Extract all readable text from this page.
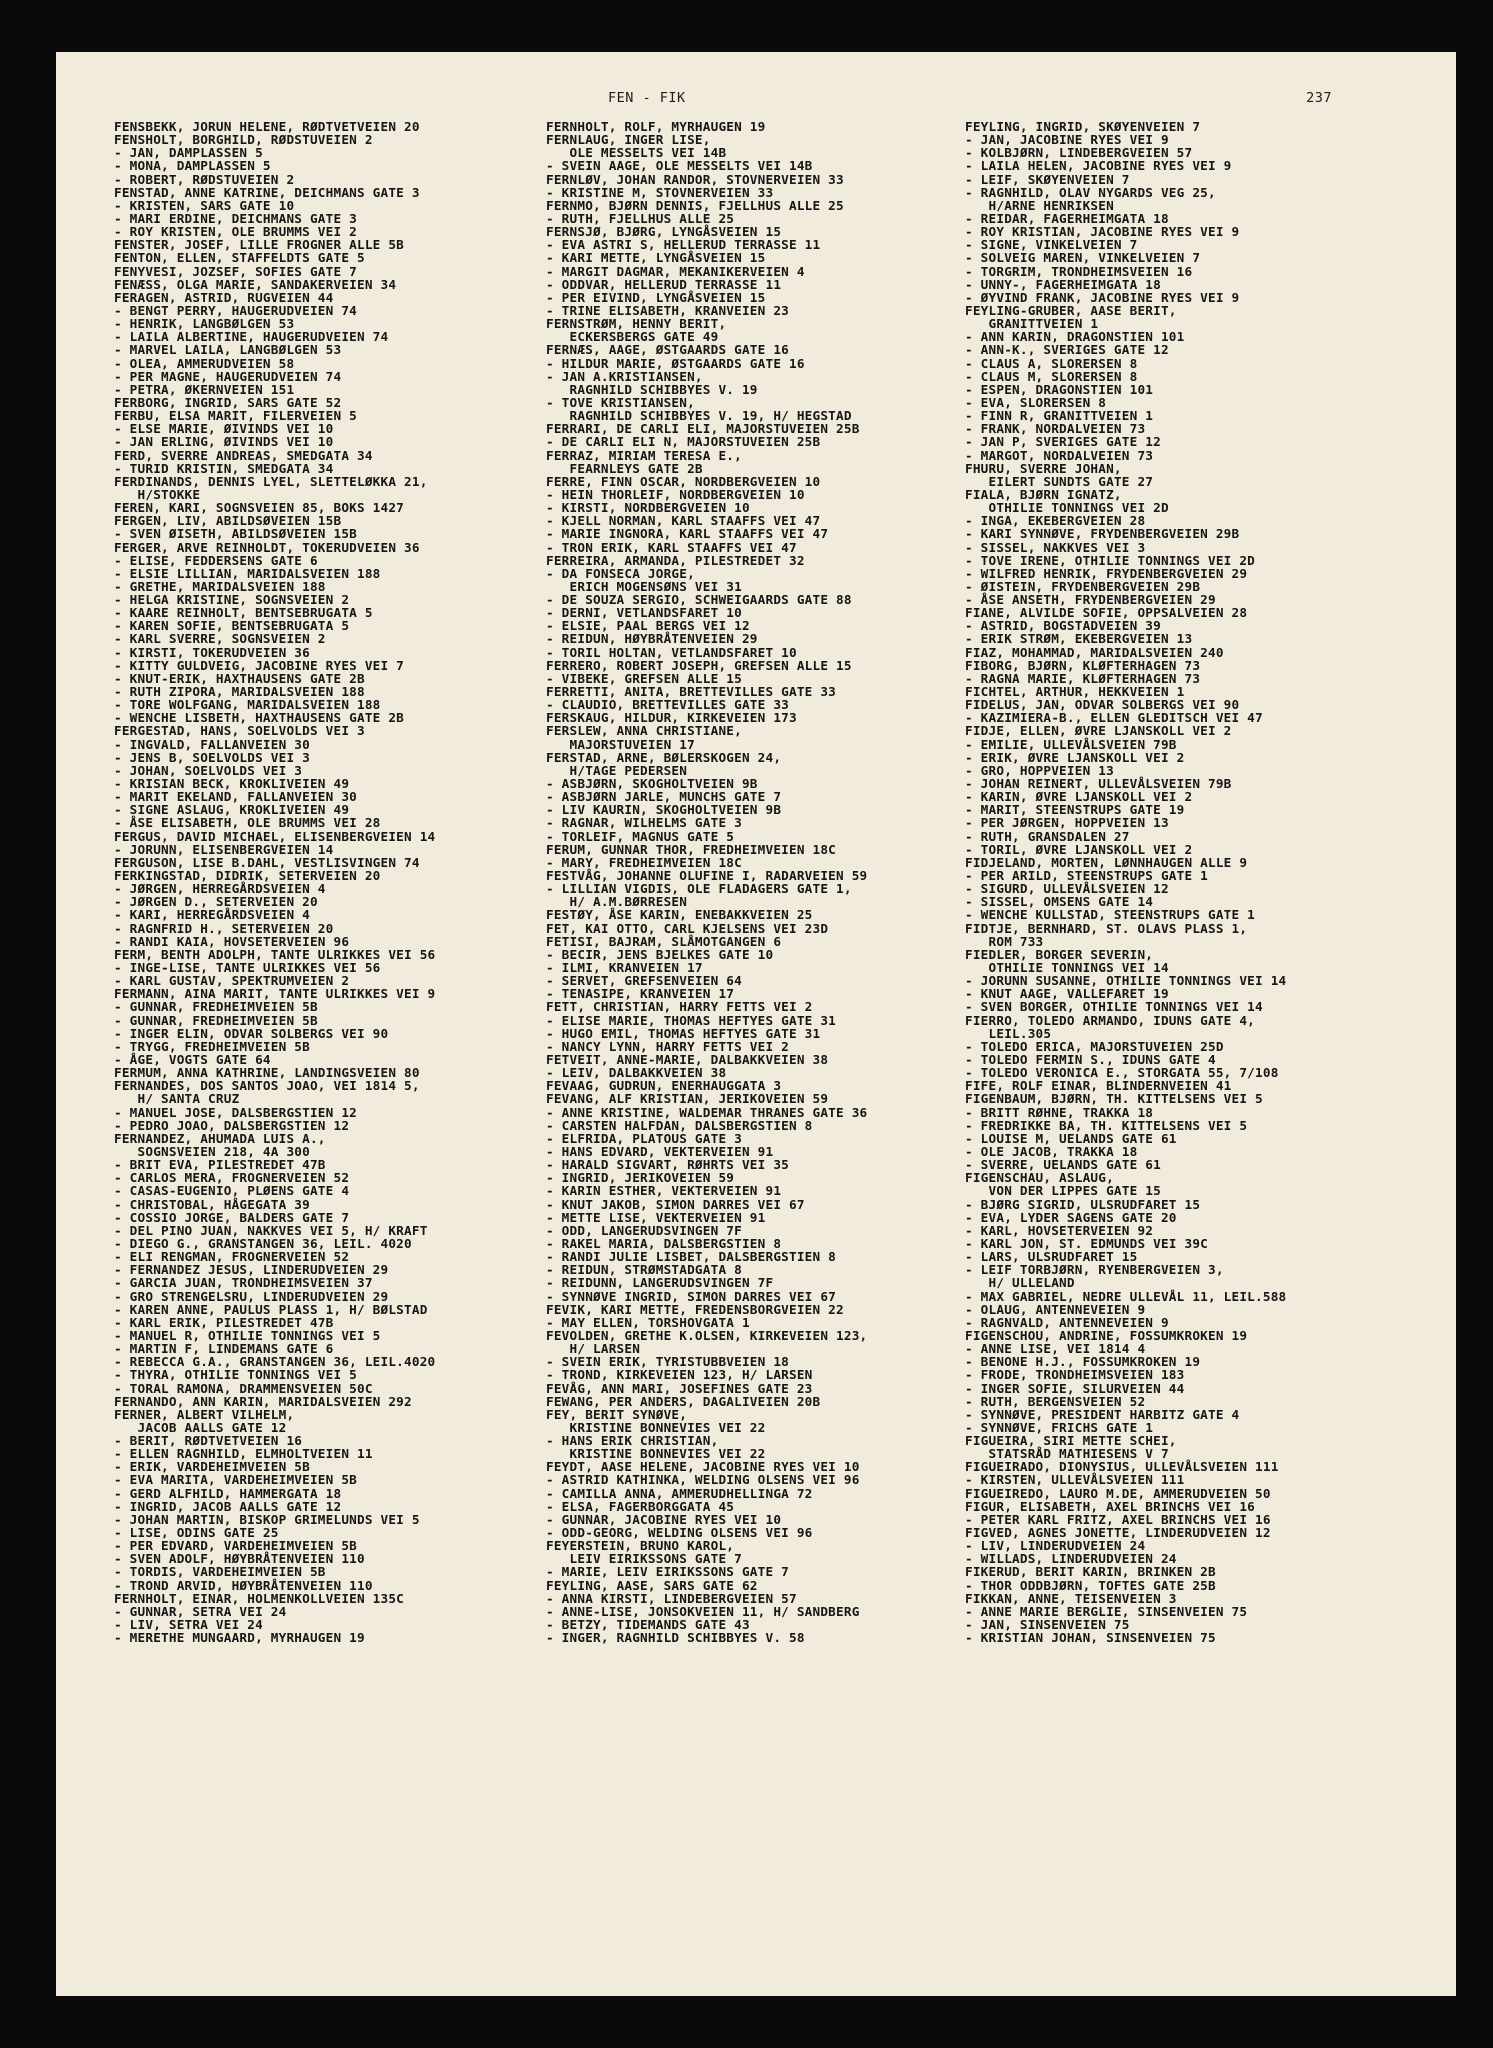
FEN - FIK	237
FENSBEKK, JORUN HELENE, RØDTVETVEIEN 20
FENSHOLT, BORGHILD, RØDSTUVEIEN 2
- JAN, DAMPLASSEN 5
- MONA, DAMPLASSEN 5
- ROBERT, RØDSTUVEIEN 2
FENSTAD, ANNE KATRINE, DEICHMANS GATE 3
- KRISTEN, SARS GATE 10
- MARI ERDINE, DEICHMANS GATE 3
- ROY KRISTEN, OLE BRUMMS VEI 2
FENSTER, JOSEF, LILLE FROGNER ALLE 5B
FENTON, ELLEN, STAFFELDTS GATE 5
FENYVESI, JOZSEF, SOFIES GATE 7
FENÆSS, OLGA MARIE, SANDAKERVEIEN 34
FERAGEN, ASTRID, RUGVEIEN 44
- BENGT PERRY, HAUGERUDVEIEN 74
- HENRIK, LANGBØLGEN 53
- LAILA ALBERTINE, HAUGERUDVEIEN 74
- MARVEL LAILA, LANGBØLGEN 53
- OLEA, AMMERUDVEIEN 58
- PER MAGNE, HAUGERUDVEIEN 74
- PETRA, ØKERNVEIEN 151
FERBORG, INGRID, SARS GATE 52
FERBU, ELSA MARIT, FILERVEIEN 5
- ELSE MARIE, ØIVINDS VEI 10
- JAN ERLING, ØIVINDS VEI 10
FERD, SVERRE ANDREAS, SMEDGATA 34
- TURID KRISTIN, SMEDGATA 34
FERDINANDS, DENNIS LYEL, SLETTELØKKA 21,
H/STOKKE
FEREN, KARI, SOGNSVEIEN 85, BOKS 1427
FERGEN, LIV, ABILDSØVEIEN 15B
- SVEN ØISETH, ABILDSØVEIEN 15B
FERGER, ARVE REINHOLDT, TOKERUDVEIEN 36
- ELISE, FEDDERSENS GATE 6
- ELSIE LILLIAN, MARIDALSVEIEN 188
- GRETHE, MARIDALSVEIEN 188
- HELGA KRISTINE, SOGNSVEIEN 2
- KAARE REINHOLT, BENTSEBRUGATA 5
- KAREN SOFIE, BENTSEBRUGATA 5
- KARL SVERRE, SOGNSVEIEN 2
- KIRSTI, TOKERUDVEIEN 36
- KITTY GULDVEIG, JACOBINE RYES VEI 7
- KNUT-ERIK, HAXTHAUSENS GATE 2B
- RUTH ZIPORA, MARIDALSVEIEN 188
- TORE WOLFGANG, MARIDALSVEIEN 188
- WENCHE LISBETH, HAXTHAUSENS GATE 2B
FERGESTAD, HANS, SOELVOLDS VEI 3
- INGVALD, FALLANVEIEN 30
- JENS B, SOELVOLDS VEI 3
- JOHAN, SOELVOLDS VEI 3
- KRISIAN BECK, KROKLIVEIEN 49
- MARIT EKELAND, FALLANVEIEN 30
- SIGNE ASLAUG, KROKLIVEIEN 49
- ÅSE ELISABETH, OLE BRUMMS VEI 28
FERGUS, DAVID MICHAEL, ELISENBERGVEIEN 14
- JORUNN, ELISENBERGVEIEN 14
FERGUSON, LISE B.DAHL, VESTLISVINGEN 74
FERKINGSTAD, DIDRIK, SETERVEIEN 20
- JØRGEN, HERREGÅRDSVEIEN 4
- JØRGEN D., SETERVEIEN 20
- KARI, HERREGÅRDSVEIEN 4
- RAGNFRID H., SETERVEIEN 20
- RANDI KAIA, HOVSETERVEIEN 96
FERM, BENTH ADOLPH, TANTE ULRIKKES VEI 56
- INGE-LISE, TANTE ULRIKKES VEI 56
- KARL GUSTAV, SPEKTRUMVEIEN 2
FERMANN, AINA MARIT, TANTE ULRIKKES VEI 9
- GUNNAR, FREDHEIMVEIEN 5B
- GUNNAR, FREDHEIMVEIEN 5B
- INGER ELIN, ODVAR SOLBERGS VEI 90
- TRYGG, FREDHEIMVEIEN 5B
- ÅGE, VOGTS GATE 64
FERMUM, ANNA KATHRINE, LANDINGSVEIEN 80
FERNANDES, DOS SANTOS JOAO, VEI 1814 5,
H/ SANTA CRUZ
- MANUEL JOSE, DALSBERGSTIEN 12
- PEDRO JOAO, DALSBERGSTIEN 12
FERNANDEZ, AHUMADA LUIS A.,
SOGNSVEIEN 218, 4A 300
- BRIT EVA, PILESTREDET 47B
- CARLOS MERA, FROGNERVEIEN 52
- CASAS-EUGENIO, PLØENS GATE 4
- CHRISTOBAL, HÅGEGATA 39
- COSSIO JORGE, BALDERS GATE 7
- DEL PINO JUAN, NAKKVES VEI 5, H/ KRAFT
- DIEGO G., GRANSTANGEN 36, LEIL. 4020
- ELI RENGMAN, FROGNERVEIEN 52
- FERNANDEZ JESUS, LINDERUDVEIEN 29
- GARCIA JUAN, TRONDHEIMSVEIEN 37
- GRO STRENGELSRU, LINDERUDVEIEN 29
- KAREN ANNE, PAULUS PLASS 1, H/ BØLSTAD
- KARL ERIK, PILESTREDET 47B
- MANUEL R, OTHILIE TONNINGS VEI 5
- MARTIN F, LINDEMANS GATE 6
- REBECCA G.A., GRANSTANGEN 36, LEIL.4020
- THYRA, OTHILIE TONNINGS VEI 5
- TORAL RAMONA, DRAMMENSVEIEN 50C
FERNANDO, ANN KARIN, MARIDALSVEIEN 292
FERNER, ALBERT VILHELM,
JACOB AALLS GATE 12
- BERIT, RØDTVETVEIEN 16
- ELLEN RAGNHILD, ELMHOLTVEIEN 11
- ERIK, VARDEHEIMVEIEN 5B
- EVA MARITA, VARDEHEIMVEIEN 5B
- GERD ALFHILD, HAMMERGATA 18
- INGRID, JACOB AALLS GATE 12
- JOHAN MARTIN, BISKOP GRIMELUNDS VEI 5
- LISE, ODINS GATE 25
- PER EDVARD, VARDEHEIMVEIEN 5B
- SVEN ADOLF, HØYBRÅTENVEIEN 110
- TORDIS, VARDEHEIMVEIEN 5B
- TROND ARVID, HØYBRÅTENVEIEN 110
FERNHOLT, EINAR, HOLMENKOLLVEIEN 135C
- GUNNAR, SETRA VEI 24
- LIV, SETRA VEI 24
- MERETHE MUNGAARD, MYRHAUGEN 19
FERNHOLT, ROLF, MYRHAUGEN 19
FERNLAUG, INGER LISE,
OLE MESSELTS VEI 14B
- SVEIN AAGE, OLE MESSELTS VEI 14B
FERNLØV, JOHAN RANDOR, STOVNERVEIEN 33
- KRISTINE M, STOVNERVEIEN 33
FERNMO, BJØRN DENNIS, FJELLHUS ALLE 25
- RUTH, FJELLHUS ALLE 25
FERNSJØ, BJØRG, LYNGÅSVEIEN 15
- EVA ASTRI S, HELLERUD TERRASSE 11
- KARI METTE, LYNGÅSVEIEN 15
- MARGIT DAGMAR, MEKANIKERVEIEN 4
- ODDVAR, HELLERUD TERRASSE 11
- PER EIVIND, LYNGÅSVEIEN 15
- TRINE ELISABETH, KRANVEIEN 23
FERNSTRØM, HENNY BERIT,
ECKERSBERGS GATE 49
FERNÆS, AAGE, ØSTGAARDS GATE 16
- HILDUR MARIE, ØSTGAARDS GATE 16
- JAN A.KRISTIANSEN,
RAGNHILD SCHIBBYES V. 19
- TOVE KRISTIANSEN,
RAGNHILD SCHIBBYES V. 19, H/ HEGSTAD
FERRARI, DE CARLI ELI, MAJORSTUVEIEN 25B
- DE CARLI ELI N, MAJORSTUVEIEN 25B
FERRAZ, MIRIAM TERESA E.,
FEARNLEYS GATE 2B
FERRE, FINN OSCAR, NORDBERGVEIEN 10
- HEIN THORLEIF, NORDBERGVEIEN 10
- KIRSTI, NORDBERGVEIEN 10
- KJELL NORMAN, KARL STAAFFS VEI 47
- MARIE INGNORA, KARL STAAFFS VEI 47
- TRON ERIK, KARL STAAFFS VEI 47
FERREIRA, ARMANDA, PILESTREDET 32
- DA FONSECA JORGE,
ERICH MOGENSØNS VEI 31
- DE SOUZA SERGIO, SCHWEIGAARDS GATE 88
- DERNI, VETLANDSFARET 10
- ELSIE, PAAL BERGS VEI 12
- REIDUN, HØYBRÅTENVEIEN 29
- TORIL HOLTAN, VETLANDSFARET 10
FERRERO, ROBERT JOSEPH, GREFSEN ALLE 15
- VIBEKE, GREFSEN ALLE 15
FERRETTI, ANITA, BRETTEVILLES GATE 33
- CLAUDIO, BRETTEVILLES GATE 33
FERSKAUG, HILDUR, KIRKEVEIEN 173
FERSLEW, ANNA CHRISTIANE,
MAJORSTUVEIEN 17
FERSTAD, ARNE, BØLERSKOGEN 24,
H/TAGE PEDERSEN
- ASBJØRN, SKOGHOLTVEIEN 9B
- ASBJØRN JARLE, MUNCHS GATE 7
- LIV KAURIN, SKOGHOLTVEIEN 9B
- RAGNAR, WILHELMS GATE 3
- TORLEIF, MAGNUS GATE 5
FERUM, GUNNAR THOR, FREDHEIMVEIEN 18C
- MARY, FREDHEIMVEIEN 18C
FESTVÅG, JOHANNE OLUFINE I, RADARVEIEN 59
- LILLIAN VIGDIS, OLE FLADAGERS GATE 1,
H/ A.M.BØRRESEN
FESTØY, ÅSE KARIN, ENEBAKKVEIEN 25
FET, KAI OTTO, CARL KJELSENS VEI 23D
FETISI, BAJRAM, SLÅMOTGANGEN 6
- BECIR, JENS BJELKES GATE 10
- ILMI, KRANVEIEN 17
- SERVET, GREFSENVEIEN 64
- TENASIPE, KRANVEIEN 17
FETT, CHRISTIAN, HARRY FETTS VEI 2
- ELISE MARIE, THOMAS HEFTYES GATE 31
- HUGO EMIL, THOMAS HEFTYES GATE 31
- NANCY LYNN, HARRY FETTS VEI 2
FETVEIT, ANNE-MARIE, DALBAKKVEIEN 38
- LEIV, DALBAKKVEIEN 38
FEVAAG, GUDRUN, ENERHAUGGATA 3
FEVANG, ALF KRISTIAN, JERIKOVEIEN 59
- ANNE KRISTINE, WALDEMAR THRANES GATE 36
- CARSTEN HALFDAN, DALSBERGSTIEN 8
- ELFRIDA, PLATOUS GATE 3
- HANS EDVARD, VEKTERVEIEN 91
- HARALD SIGVART, RØHRTS VEI 35
- INGRID, JERIKOVEIEN 59
- KARIN ESTHER, VEKTERVEIEN 91
- KNUT JAKOB, SIMON DARRES VEI 67
- METTE LISE, VEKTERVEIEN 91
- ODD, LANGERUDSVINGEN 7F
- RAKEL MARIA, DALSBERGSTIEN 8
- RANDI JULIE LISBET, DALSBERGSTIEN 8
- REIDUN, STRØMSTADGATA 8
- REIDUNN, LANGERUDSVINGEN 7F
- SYNNØVE INGRID, SIMON DARRES VEI 67
FEVIK, KARI METTE, FREDENSBORGVEIEN 22
- MAY ELLEN, TORSHOVGATA 1
FEVOLDEN, GRETHE K.OLSEN, KIRKEVEIEN 123,
H/ LARSEN
- SVEIN ERIK, TYRISTUBBVEIEN 18
- TROND, KIRKEVEIEN 123, H/ LARSEN
FEVÅG, ANN MARI, JOSEFINES GATE 23
FEWANG, PER ANDERS, DAGALIVEIEN 20B
FEY, BERIT SYNØVE,
KRISTINE BONNEVIES VEI 22
- HANS ERIK CHRISTIAN,
KRISTINE BONNEVIES VEI 22
FEYDT, AASE HELENE, JACOBINE RYES VEI 10
- ASTRID KATHINKA, WELDING OLSENS VEI 96
- CAMILLA ANNA, AMMERUDHELLINGA 72
- ELSA, FAGERBORGGATA 45
- GUNNAR, JACOBINE RYES VEI 10
- ODD-GEORG, WELDING OLSENS VEI 96
FEYERSTEIN, BRUNO KAROL,
LEIV EIRIKSSONS GATE 7
- MARIE, LEIV EIRIKSSONS GATE 7
FEYLING, AASE, SARS GATE 62
- ANNA KIRSTI, LINDEBERGVEIEN 57
- ANNE-LISE, JONSOKVEIEN 11, H/ SANDBERG
- BETZY, TIDEMANDS GATE 43
- INGER, RAGNHILD SCHIBBYES V. 58
FEYLING, INGRID, SKØYENVEIEN 7
- JAN, JACOBINE RYES VEI 9
- KOLBJØRN, LINDEBERGVEIEN 57
- LAILA HELEN, JACOBINE RYES VEI 9
- LEIF, SKØYENVEIEN 7
- RAGNHILD, OLAV NYGARDS VEG 25,
H/ARNE HENRIKSEN
- REIDAR, FAGERHEIMGATA 18
- ROY KRISTIAN, JACOBINE RYES VEI 9
- SIGNE, VINKELVEIEN 7
- SOLVEIG MAREN, VINKELVEIEN 7
- TORGRIM, TRONDHEIMSVEIEN 16
- UNNY-, FAGERHEIMGATA 18
- ØYVIND FRANK, JACOBINE RYES VEI 9
FEYLING-GRUBER, AASE BERIT,
GRANITTVEIEN 1
- ANN KARIN, DRAGONSTIEN 101
- ANN-K., SVERIGES GATE 12
- CLAUS A, SLORERSEN 8
- CLAUS M, SLORERSEN 8
- ESPEN, DRAGONSTIEN 101
- EVA, SLORERSEN 8
- FINN R, GRANITTVEIEN 1
- FRANK, NORDALVEIEN 73
- JAN P, SVERIGES GATE 12
- MARGOT, NORDALVEIEN 73
FHURU, SVERRE JOHAN,
EILERT SUNDTS GATE 27
FIALA, BJØRN IGNATZ,
OTHILIE TONNINGS VEI 2D
- INGA, EKEBERGVEIEN 28
- KARI SYNNØVE, FRYDENBERGVEIEN 29B
- SISSEL, NAKKVES VEI 3
- TOVE IRENE, OTHILIE TONNINGS VEI 2D
- WILFRED HENRIK, FRYDENBERGVEIEN 29
- ØISTEIN, FRYDENBERGVEIEN 29B
- ÅSE ANSETH, FRYDENBERGVEIEN 29
FIANE, ALVILDE SOFIE, OPPSALVEIEN 28
- ASTRID, BOGSTADVEIEN 39
- ERIK STRØM, EKEBERGVEIEN 13
FIAZ, MOHAMMAD, MARIDALSVEIEN 240
FIBORG, BJØRN, KLØFTERHAGEN 73
- RAGNA MARIE, KLØFTERHAGEN 73
FICHTEL, ARTHUR, HEKKVEIEN 1
FIDELUS, JAN, ODVAR SOLBERGS VEI 90
- KAZIMIERA-B., ELLEN GLEDITSCH VEI 47
FIDJE, ELLEN, ØVRE LJANSKOLL VEI 2
- EMILIE, ULLEVÅLSVEIEN 79B
- ERIK, ØVRE LJANSKOLL VEI 2
- GRO, HOPPVEIEN 13
- JOHAN REINERT, ULLEVÅLSVEIEN 79B
- KARIN, ØVRE LJANSKOLL VEI 2
- MARIT, STEENSTRUPS GATE 19
- PER JØRGEN, HOPPVEIEN 13
- RUTH, GRANSDALEN 27
- TORIL, ØVRE LJANSKOLL VEI 2
FIDJELAND, MORTEN, LØNNHAUGEN ALLE 9
- PER ARILD, STEENSTRUPS GATE 1
- SIGURD, ULLEVÅLSVEIEN 12
- SISSEL, OMSENS GATE 14
- WENCHE KULLSTAD, STEENSTRUPS GATE 1
FIDTJE, BERNHARD, ST. OLAVS PLASS 1,
ROM 733
FIEDLER, BORGER SEVERIN,
OTHILIE TONNINGS VEI 14
- JORUNN SUSANNE, OTHILIE TONNINGS VEI 14
- KNUT AAGE, VALLEFARET 19
- SVEN BORGER, OTHILIE TONNINGS VEI 14
FIERRO, TOLEDO ARMANDO, IDUNS GATE 4,
LEIL.305
- TOLEDO ERICA, MAJORSTUVEIEN 25D
- TOLEDO FERMIN S., IDUNS GATE 4
- TOLEDO VERONICA E., STORGATA 55, 7/108
FIFE, ROLF EINAR, BLINDERNVEIEN 41
FIGENBAUM, BJØRN, TH. KITTELSENS VEI 5
- BRITT RØHNE, TRAKKA 18
- FREDRIKKE BA, TH. KITTELSENS VEI 5
- LOUISE M, UELANDS GATE 61
- OLE JACOB, TRAKKA 18
- SVERRE, UELANDS GATE 61
FIGENSCHAU, ASLAUG,
VON DER LIPPES GATE 15
- BJØRG SIGRID, ULSRUDFARET 15
- EVA, LYDER SAGENS GATE 20
- KARL, HOVSETERVEIEN 92
- KARL JON, ST. EDMUNDS VEI 39C
- LARS, ULSRUDFARET 15
- LEIF TORBJØRN, RYENBERGVEIEN 3,
H/ ULLELAND
- MAX GABRIEL, NEDRE ULLEVÅL 11, LEIL.588
- OLAUG, ANTENNEVEIEN 9
- RAGNVALD, ANTENNEVEIEN 9
FIGENSCHOU, ANDRINE, FOSSUMKROKEN 19
- ANNE LISE, VEI 1814 4
- BENONE H.J., FOSSUMKROKEN 19
- FRODE, TRONDHEIMSVEIEN 183
- INGER SOFIE, SILURVEIEN 44
- RUTH, BERGENSVEIEN 52
- SYNNØVE, PRESIDENT HARBITZ GATE 4
- SYNNØVE, FRICHS GATE 1
FIGUEIRA, SIRI METTE SCHEI,
STATSRÅD MATHIESENS V 7
FIGUEIRADO, DIONYSIUS, ULLEVÅLSVEIEN 111
- KIRSTEN, ULLEVÅLSVEIEN 111
FIGUEIREDO, LAURO M.DE, AMMERUDVEIEN 50
FIGUR, ELISABETH, AXEL BRINCHS VEI 16
- PETER KARL FRITZ, AXEL BRINCHS VEI 16
FIGVED, AGNES JONETTE, LINDERUDVEIEN 12
- LIV, LINDERUDVEIEN 24
- WILLADS, LINDERUDVEIEN 24
FIKERUD, BERIT KARIN, BRINKEN 2B
- THOR ODDBJØRN, TOFTES GATE 25B
FIKKAN, ANNE, TEISENVEIEN 3
- ANNE MARIE BERGLIE, SINSENVEIEN 75
- JAN, SINSENVEIEN 75
- KRISTIAN JOHAN, SINSENVEIEN 75
